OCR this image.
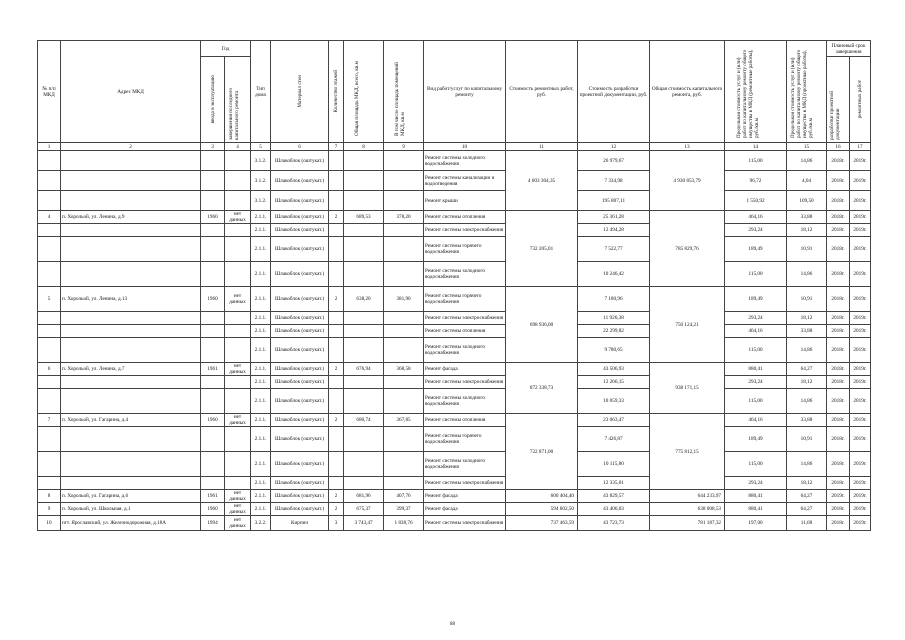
№ п/п МКД	Адрес МКД	Год		Тип дома	Материал стен	Количество этажей	Общая площадь МКД, всего, кв.м	В том числе площадь помещений МКД, кв.м	Вид работ/услуг по капитальному ремонту	Стоимость ремонтных работ, руб.	Стоимость разработки проектной документации, руб.	Общая стоимость капитального ремонта, руб.	Предельная стоимость услуг и (или) работ по капитальному ремонту общего имущества в МКД (ремонтные работы), руб./кв.м	Предельная стоимость услуг и (или) работ по капитальному ремонту общего имущества в МКД (проектные работы), руб./кв.м	Плановый срок завершения	

		ввода в эксплуатацию	завершения последнего капитального ремонта												разработки проектной документации	ремонтных работ

1	2	3	4	5	6	7	8	9	10	11	12	13	14	15	16	17
				3.1.2.	Шлакоблок (оштукат.)				Ремонт системы холодного водоснабжения	4 603 304,35	26 979,67	4 930 853,79	115,00	14,86	2018г.	2019г.
				3.1.2.	Шлакоблок (оштукат.)				Ремонт системы канализации и водоотведения		7 334,98		96,72	4,04	2018г.	2019г.
				3.1.2.	Шлакоблок (оштукат.)				Ремонт крыши		195 807,11		1 550,92	109,50	2018г.	2019г.
4	п. Хорольой, ул. Ленина, д.9	1960	нет данных	2.1.1.	Шлакоблок (оштукат.)	2	689,53	378,20	Ремонт системы отопления	732 205,01	25 361,28	785 829,76	464,16	33,88	2018г.	2019г.
				2.1.1.	Шлакоблок (оштукат.)				Ремонт системы электроснабжения		12 494,28		293,24	18,12	2018г.	2019г.
				2.1.1.	Шлакоблок (оштукат.)				Ремонт системы горячего водоснабжения		7 522,77		189,49	10,91	2018г.	2019г.
				2.1.1.	Шлакоблок (оштукат.)				Ремонт системы холодного водоснабжения		10 246,42		115,00	14,86	2018г.	2019г.
5	п. Хорольой, ул. Ленина, д.13	1960	нет данных	2.1.1.	Шлакоблок (оштукат.)	2	638,20	381,90	Ремонт системы горячего водоснабжения	698 936,00	7 180,96	750 124,21	189,49	10,91	2018г.	2019г.
				2.1.1.	Шлакоблок (оштукат.)				Ремонт системы электроснабжения		11 926,38		293,24	18,12	2018г.	2019г.
				2.1.1.	Шлакоблок (оштукат.)				Ремонт системы отопления		22 299,82		464,16	33,88	2018г.	2019г.
				2.1.1.	Шлакоблок (оштукат.)				Ремонт системы холодного водоснабжения		9 780,65		115,00	14,86	2018г.	2019г.
6	п. Хорольой, ул. Ленина, д.7	1961	нет данных	2.1.1.	Шлакоблок (оштукат.)	2	676,94	368,58	Ремонт фасада	872 338,73	43 506,93	938 171,15	880,41	64,27	2018г.	2019г.
				2.1.1.	Шлакоблок (оштукат.)				Ремонт системы электроснабжения		12 266,15		293,24	18,12	2018г.	2019г.
				2.1.1.	Шлакоблок (оштукат.)				Ремонт системы холодного водоснабжения		10 059,33		115,00	14,86	2018г.	2019г.
7	п. Хорольой, ул. Гагарина, д.4	1960	нет данных	2.1.1.	Шлакоблок (оштукат.)	2	680,74	367,85	Ремонт системы отопления	722 871,00	23 063,47	775 812,15	464,16	33,88	2018г.	2019г.
				2.1.1.	Шлакоблок (оштукат.)				Ремонт системы горячего водоснабжения		7 426,87		189,49	10,91	2018г.	2019г.
				2.1.1.	Шлакоблок (оштукат.)				Ремонт системы холодного водоснабжения		10 115,80		115,00	14,86	2018г.	2019г.
				2.1.1.	Шлакоблок (оштукат.)				Ремонт системы электроснабжения		12 335,01		293,24	18,12	2018г.	2019г.
8	п. Хорольой, ул. Гагарина, д.6	1961	нет данных	2.1.1.	Шлакоблок (оштукат.)	2	681,96	407,76	Ремонт фасада	600 404,40	43 829,57	644 233,97	880,41	64,27	2019г.	2019г.
9	п. Хорольой, ул. Школьная, д.1	1960	нет данных	2.1.1.	Шлакоблок (оштукат.)	2	675,37	399,37	Ремонт фасада	594 602,50	43 406,03	638 008,53	880,41	64,27	2018г.	2019г.
10	пгт. Ярославский, ул. Железнодорожная, д.18А	1994	нет данных	3.2.2.	Кирпич	3	3 743,47	1 838,76	Ремонт системы электроснабжения	737 463,59	43 723,73	781 187,32	197,00	11,68	2018г.	2019г.
88
